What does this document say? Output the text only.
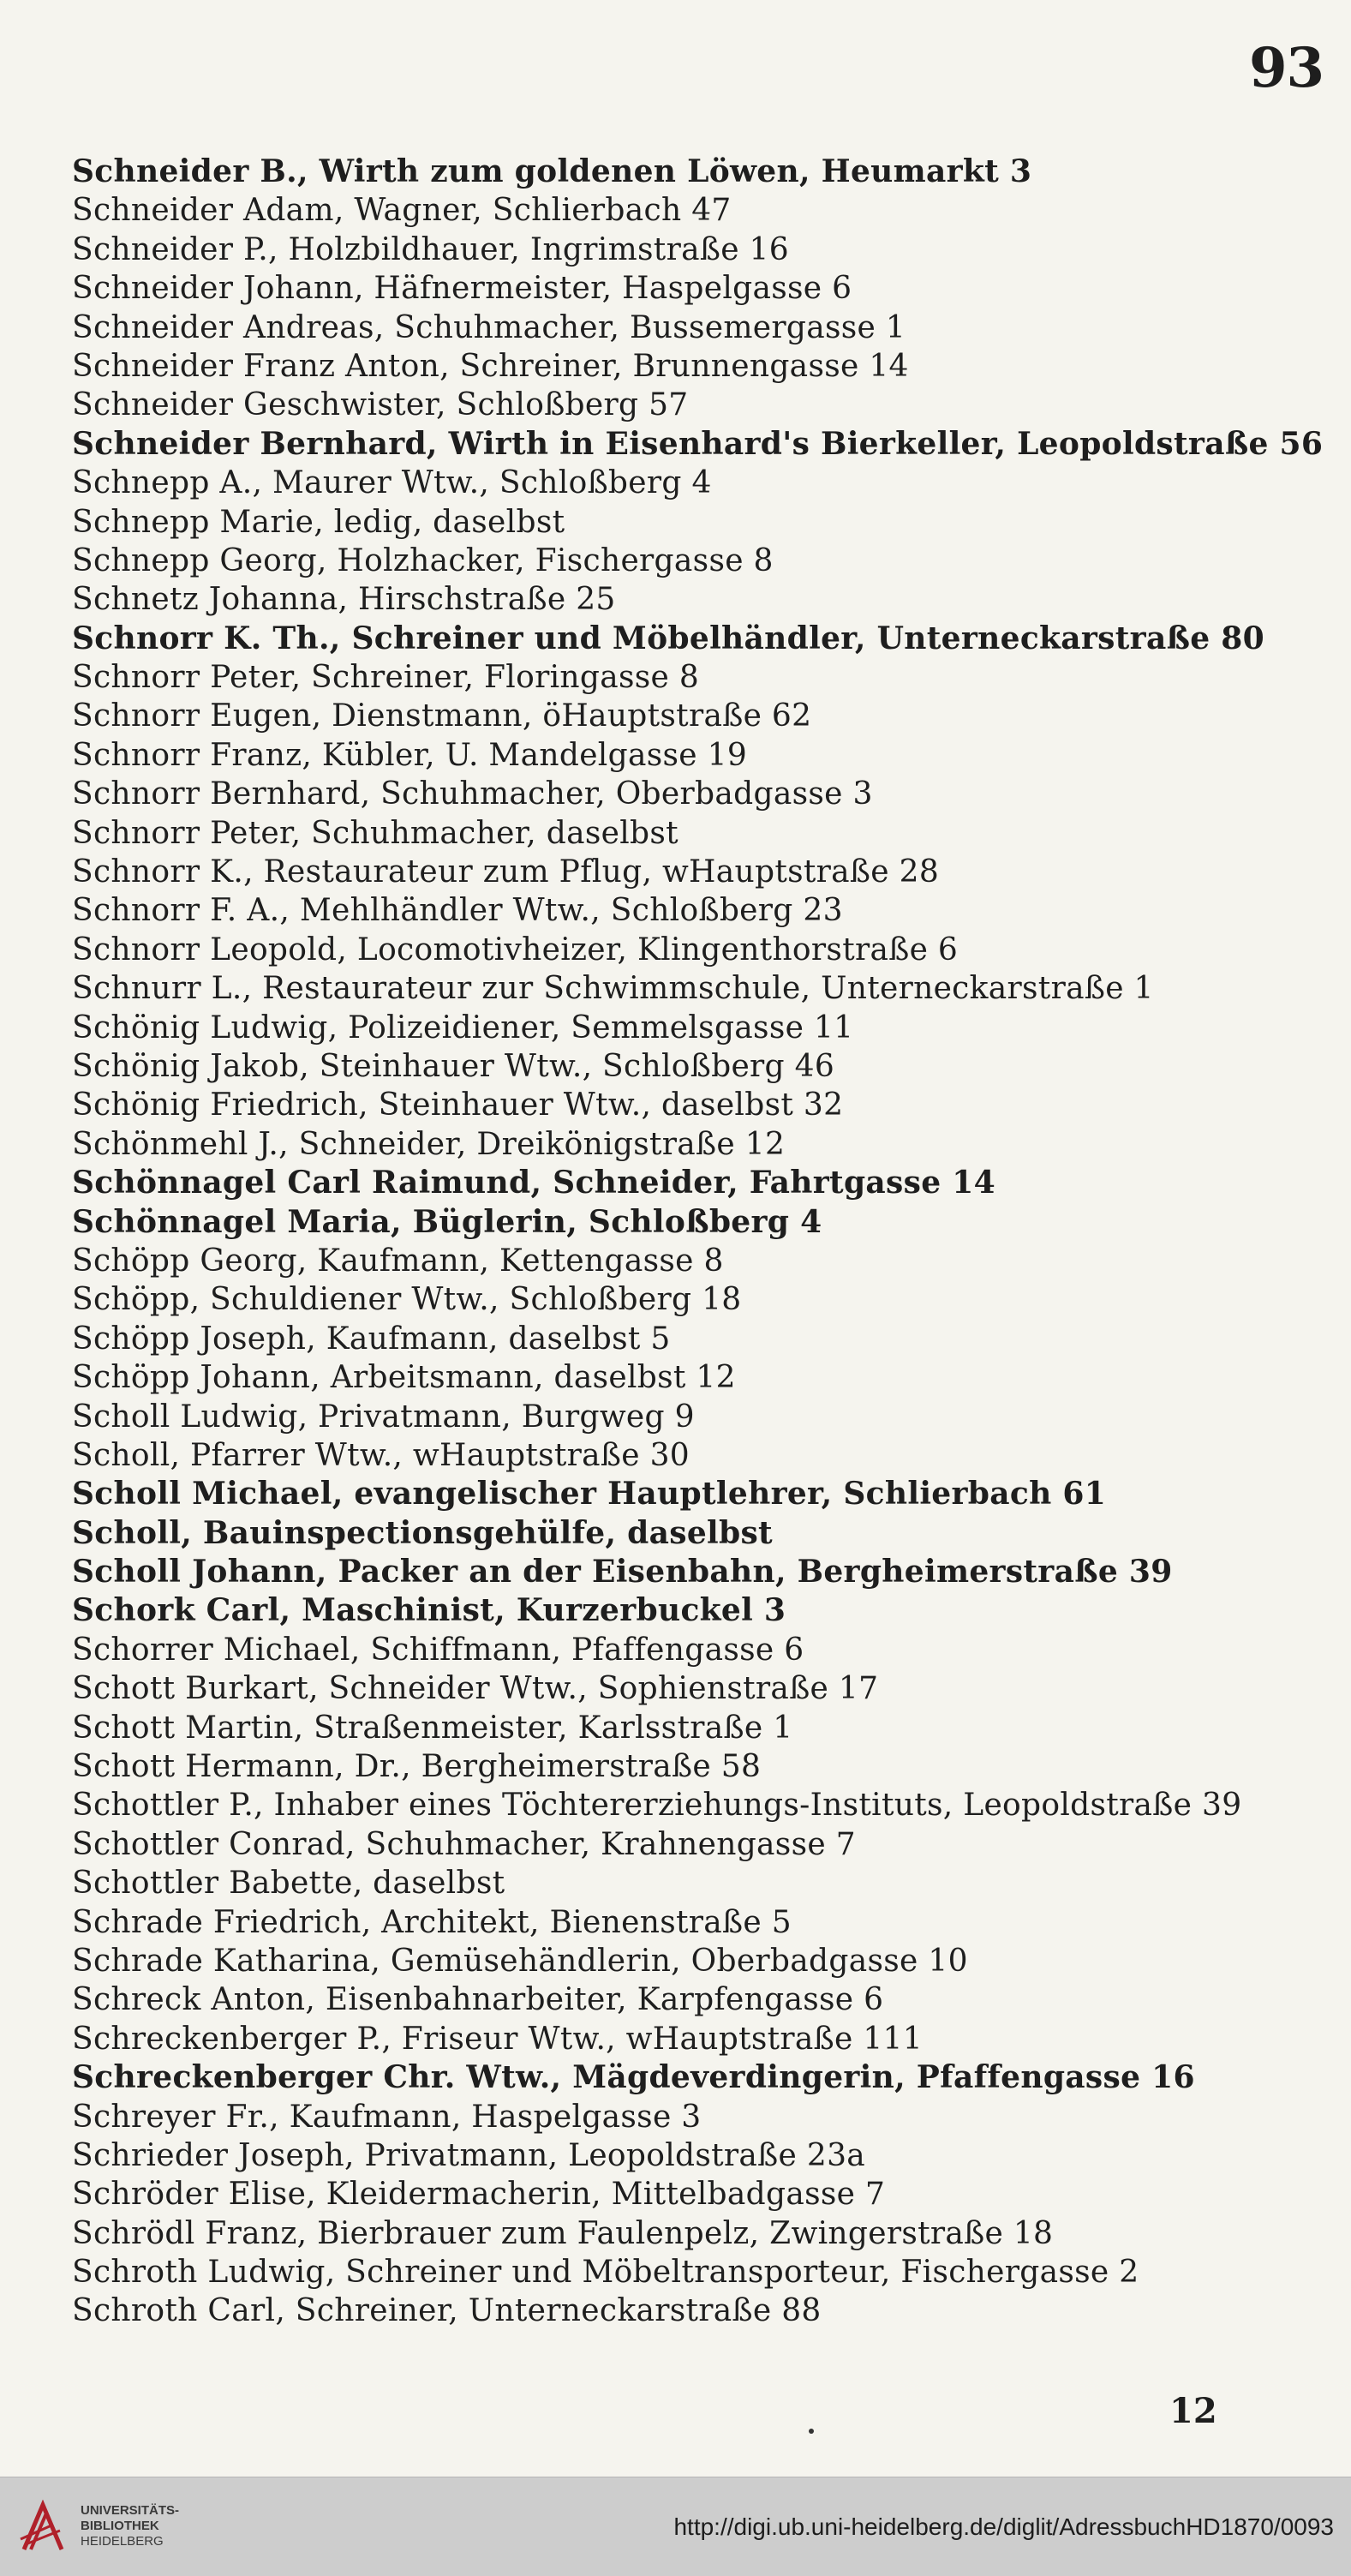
93
Schneider B., Wirth zum goldenen Löwen, Heumarkt 3
Schneider Adam, Wagner, Schlierbach 47
Schneider P., Holzbildhauer, Ingrimstraße 16
Schneider Johann, Häfnermeister, Haspelgasse 6
Schneider Andreas, Schuhmacher, Bussemergasse 1
Schneider Franz Anton, Schreiner, Brunnengasse 14
Schneider Geschwister, Schloßberg 57
Schneider Bernhard, Wirth in Eisenhard's Bierkeller, Leopoldstraße 56
Schnepp A., Maurer Wtw., Schloßberg 4
Schnepp Marie, ledig, daselbst
Schnepp Georg, Holzhacker, Fischergasse 8
Schnetz Johanna, Hirschstraße 25
Schnorr K. Th., Schreiner und Möbelhändler, Unterneckarstraße 80
Schnorr Peter, Schreiner, Floringasse 8
Schnorr Eugen, Dienstmann, öHauptstraße 62
Schnorr Franz, Kübler, U. Mandelgasse 19
Schnorr Bernhard, Schuhmacher, Oberbadgasse 3
Schnorr Peter, Schuhmacher, daselbst
Schnorr K., Restaurateur zum Pflug, wHauptstraße 28
Schnorr F. A., Mehlhändler Wtw., Schloßberg 23
Schnorr Leopold, Locomotivheizer, Klingenthorstraße 6
Schnurr L., Restaurateur zur Schwimmschule, Unterneckarstraße 1
Schönig Ludwig, Polizeidiener, Semmelsgasse 11
Schönig Jakob, Steinhauer Wtw., Schloßberg 46
Schönig Friedrich, Steinhauer Wtw., daselbst 32
Schönmehl J., Schneider, Dreikönigstraße 12
Schönnagel Carl Raimund, Schneider, Fahrtgasse 14
Schönnagel Maria, Büglerin, Schloßberg 4
Schöpp Georg, Kaufmann, Kettengasse 8
Schöpp, Schuldiener Wtw., Schloßberg 18
Schöpp Joseph, Kaufmann, daselbst 5
Schöpp Johann, Arbeitsmann, daselbst 12
Scholl Ludwig, Privatmann, Burgweg 9
Scholl, Pfarrer Wtw., wHauptstraße 30
Scholl Michael, evangelischer Hauptlehrer, Schlierbach 61
Scholl, Bauinspectionsgehülfe, daselbst
Scholl Johann, Packer an der Eisenbahn, Bergheimerstraße 39
Schork Carl, Maschinist, Kurzerbuckel 3
Schorrer Michael, Schiffmann, Pfaffengasse 6
Schott Burkart, Schneider Wtw., Sophienstraße 17
Schott Martin, Straßenmeister, Karlsstraße 1
Schott Hermann, Dr., Bergheimerstraße 58
Schottler P., Inhaber eines Töchtererziehungs-Instituts, Leopoldstraße 39
Schottler Conrad, Schuhmacher, Krahnengasse 7
Schottler Babette, daselbst
Schrade Friedrich, Architekt, Bienenstraße 5
Schrade Katharina, Gemüsehändlerin, Oberbadgasse 10
Schreck Anton, Eisenbahnarbeiter, Karpfengasse 6
Schreckenberger P., Friseur Wtw., wHauptstraße 111
Schreckenberger Chr. Wtw., Mägdeverdingerin, Pfaffengasse 16
Schreyer Fr., Kaufmann, Haspelgasse 3
Schrieder Joseph, Privatmann, Leopoldstraße 23a
Schröder Elise, Kleidermacherin, Mittelbadgasse 7
Schrödl Franz, Bierbrauer zum Faulenpelz, Zwingerstraße 18
Schroth Ludwig, Schreiner und Möbeltransporteur, Fischergasse 2
Schroth Carl, Schreiner, Unterneckarstraße 88
12
UNIVERSITÄTS-
BIBLIOTHEK
HEIDELBERG
http://digi.ub.uni-heidelberg.de/diglit/AdressbuchHD1870/0093
